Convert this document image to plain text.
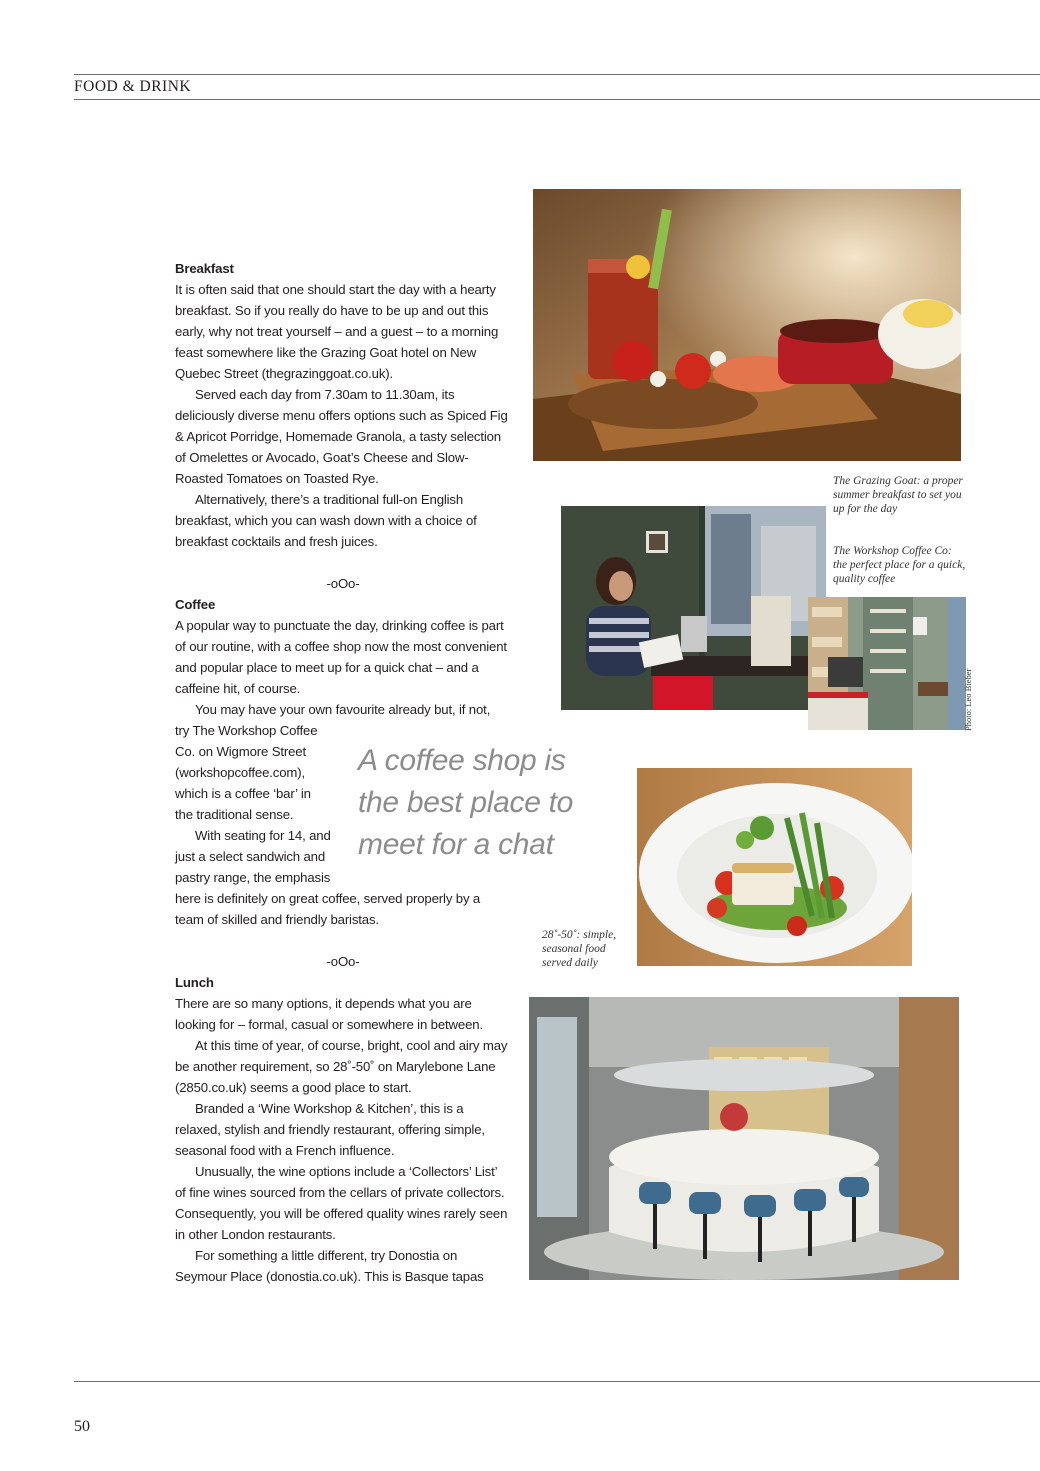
FOOD & DRINK

Breakfast

It is often said that one should start the day with a hearty breakfast. So if you really do have to be up and out this early, why not treat yourself – and a guest – to a morning feast somewhere like the Grazing Goat hotel on New Quebec Street (thegrazinggoat.co.uk).

Served each day from 7.30am to 11.30am, its deliciously diverse menu offers options such as Spiced Fig & Apricot Porridge, Homemade Granola, a tasty selection of Omelettes or Avocado, Goat’s Cheese and Slow-Roasted Tomatoes on Toasted Rye.

Alternatively, there’s a traditional full-on English breakfast, which you can wash down with a choice of breakfast cocktails and fresh juices.

-oOo-

Coffee

A popular way to punctuate the day, drinking coffee is part of our routine, with a coffee shop now the most convenient and popular place to meet up for a quick chat – and a caffeine hit, of course.

You may have your own favourite already but, if not,

try The Workshop Coffee

Co. on Wigmore Street

(workshopcoffee.com),

which is a coffee ‘bar’ in

the traditional sense.

With seating for 14, and

just a select sandwich and

pastry range, the emphasis

here is definitely on great coffee, served properly by a team of skilled and friendly baristas.

-oOo-

Lunch

There are so many options, it depends what you are looking for – formal, casual or somewhere in between.

At this time of year, of course, bright, cool and airy may be another requirement, so 28˚-50˚ on Marylebone Lane (2850.co.uk) seems a good place to start.

Branded a ‘Wine Workshop & Kitchen’, this is a relaxed, stylish and friendly restaurant, offering simple, seasonal food with a French influence.

Unusually, the wine options include a ‘Collectors’ List’ of fine wines sourced from the cellars of private collectors. Consequently, you will be offered quality wines rarely seen in other London restaurants.

For something a little different, try Donostia on Seymour Place (donostia.co.uk). This is Basque tapas

A coffee shop is the best place to meet for a chat
The Grazing Goat: a proper summer breakfast to set you up for the day
The Workshop Coffee Co: the perfect place for a quick, quality coffee
Photo: Leo Bieber
28˚-50˚: simple, seasonal food served daily
50
